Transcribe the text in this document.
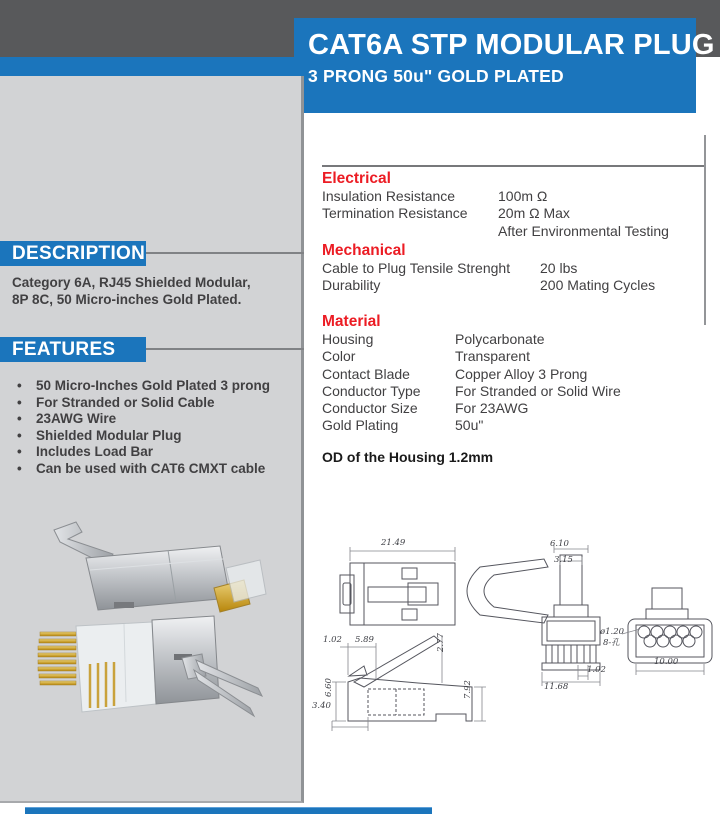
CAT6A STP MODULAR PLUG
3 PRONG 50u" GOLD PLATED
DESCRIPTION
Category 6A, RJ45 Shielded Modular,
8P 8C, 50 Micro-inches Gold Plated.
FEATURES
• 50 Micro-Inches Gold Plated 3 prong
• For Stranded or Solid Cable
• 23AWG Wire
• Shielded Modular Plug
• Includes Load Bar
• Can be used with CAT6 CMXT cable
Electrical
Insulation Resistance	100m Ω
Termination Resistance	20m Ω Max
After Environmental Testing
Mechanical
Cable to Plug Tensile Strenght	20 lbs
Durability	200 Mating Cycles
Material
Housing	Polycarbonate
Color	Transparent
Contact Blade	Copper Alloy 3 Prong
Conductor Type	For Stranded or Solid Wire
Conductor Size	For 23AWG
Gold Plating	50u"
OD of the Housing 1.2mm
21.49
1.02 5.89	2.77
6.60	7.92
3.40
6.10
3.15
1.02
11.68
ø1.20
8-孔
10.00
